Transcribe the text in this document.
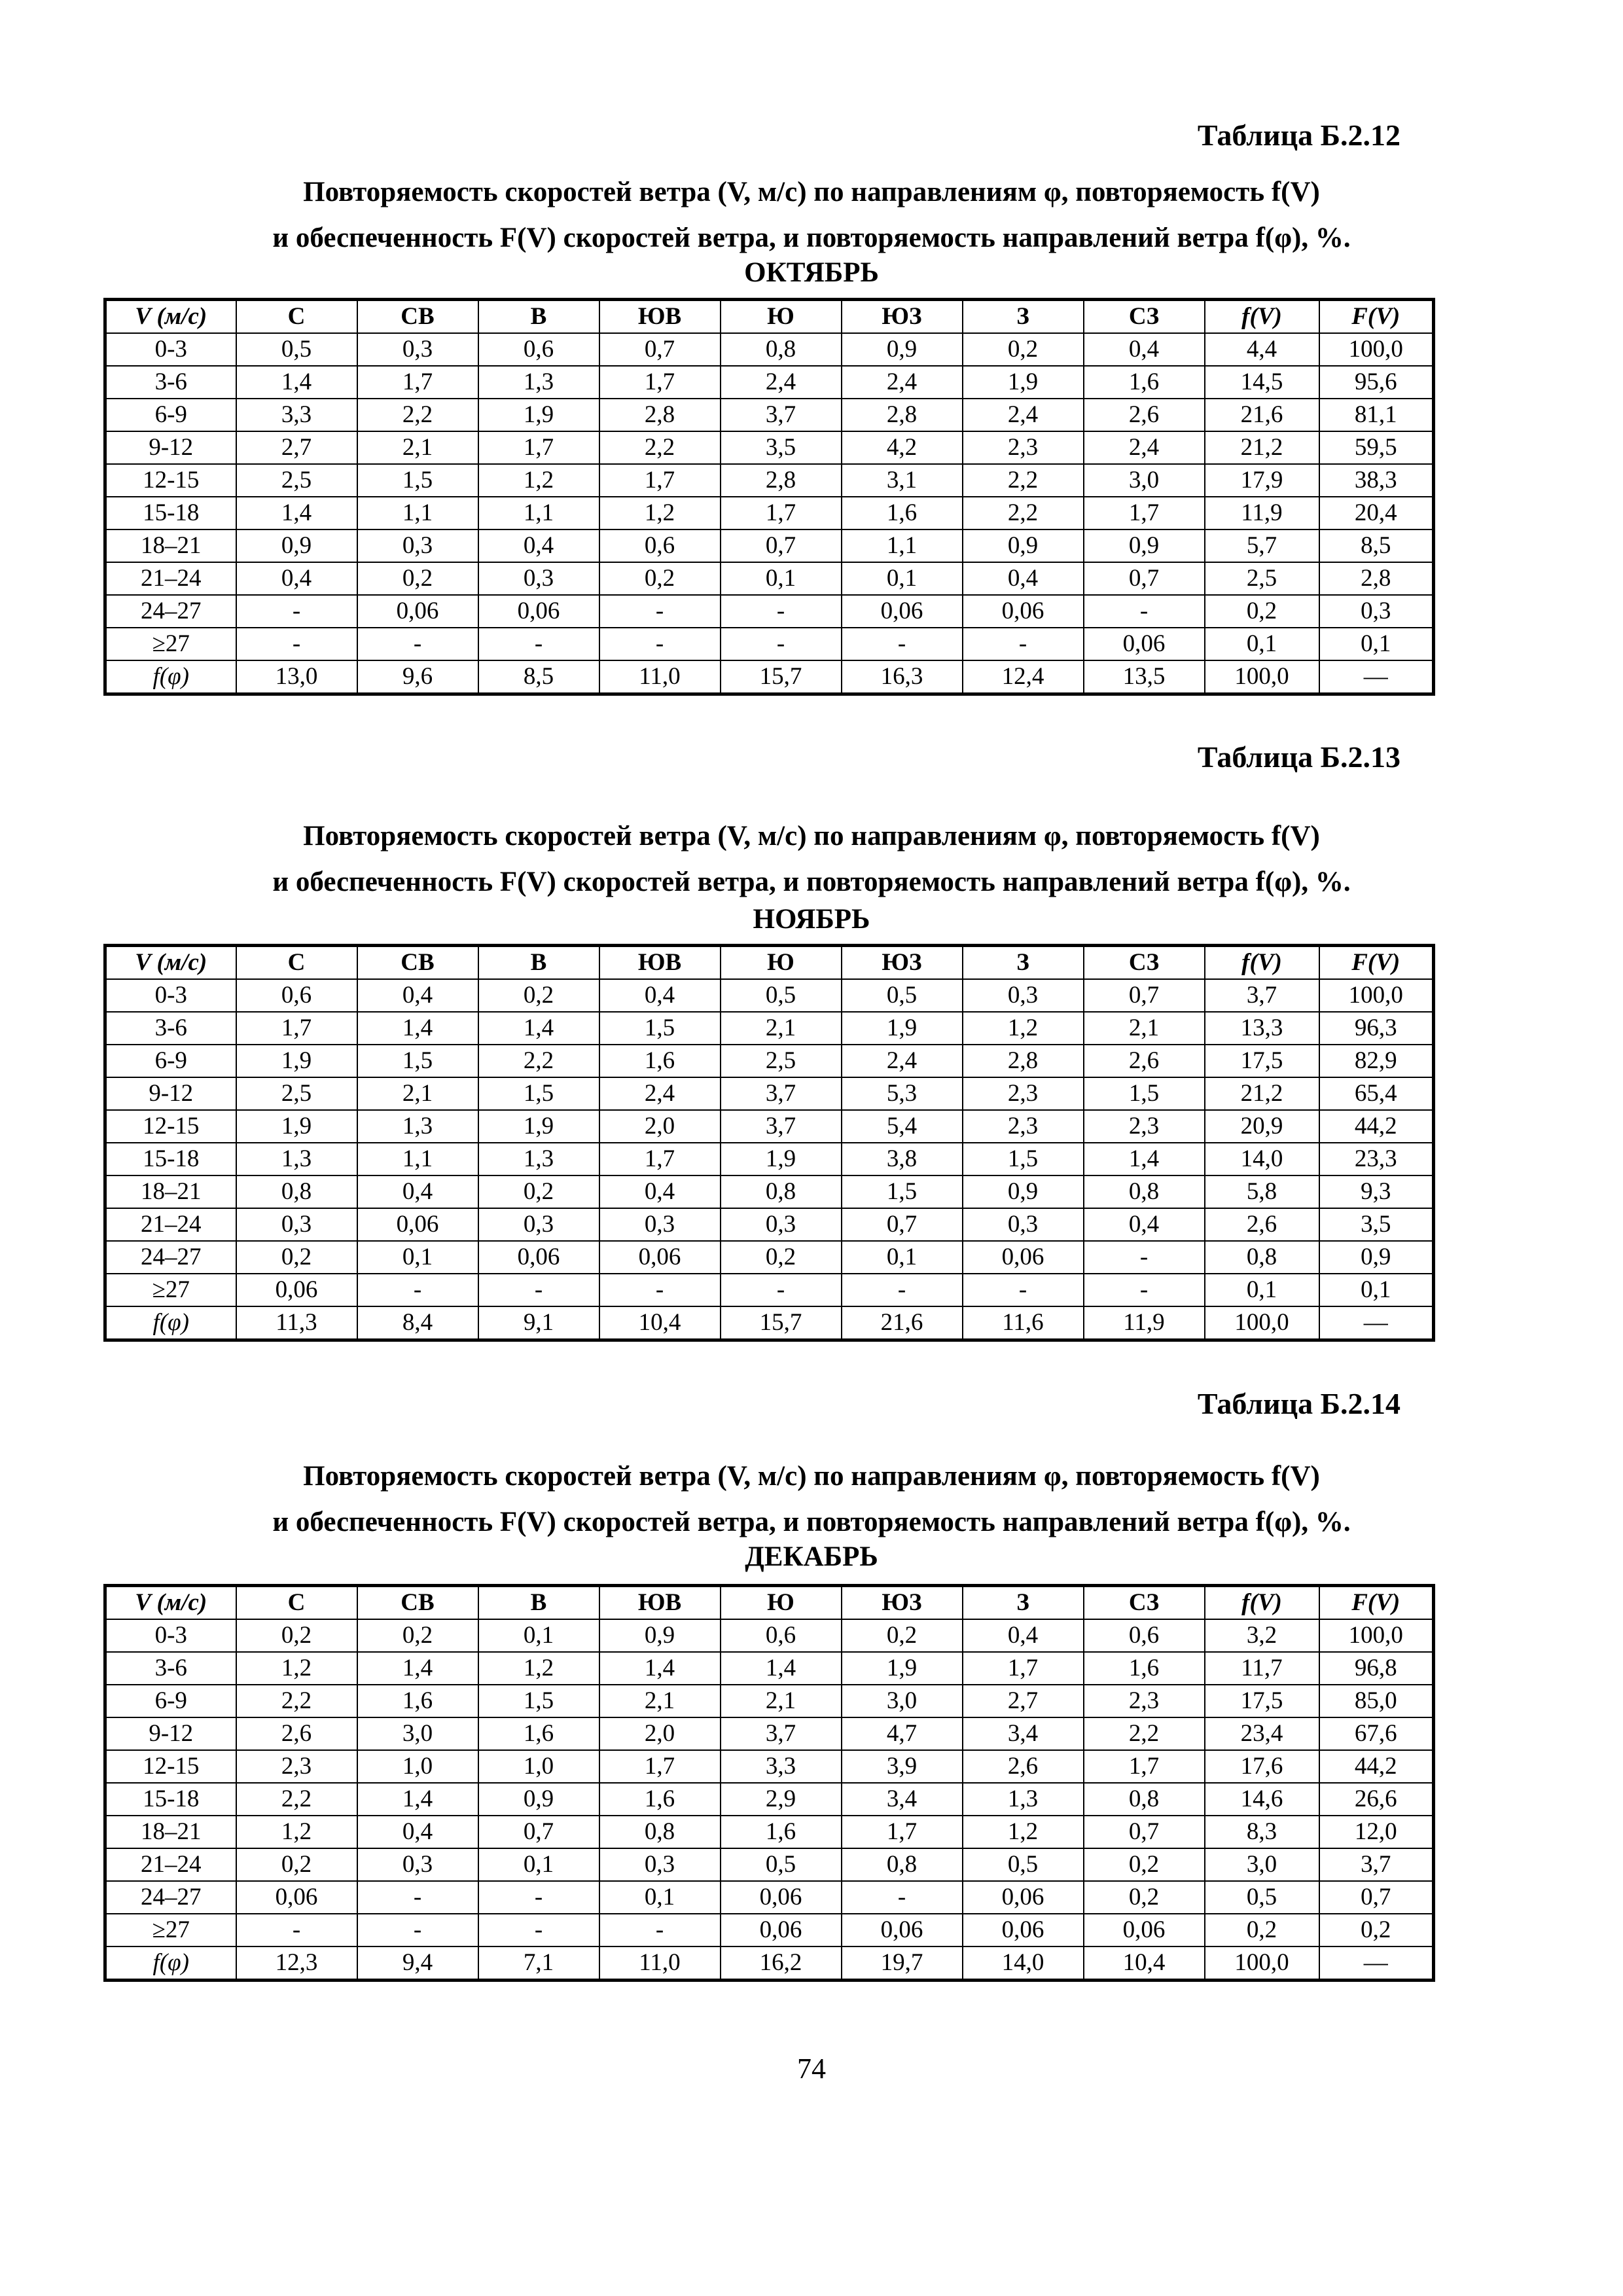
Таблица Б.2.12
Повторяемость скоростей ветра (V, м/с) по направлениям φ, повторяемость f(V)
и обеспеченность F(V) скоростей ветра, и повторяемость направлений ветра f(φ), %.
ОКТЯБРЬ
V (м/с)	С	СВ	В	ЮВ	Ю	ЮЗ	З	СЗ	f(V)	F(V)
0-3	0,5	0,3	0,6	0,7	0,8	0,9	0,2	0,4	4,4	100,0
3-6	1,4	1,7	1,3	1,7	2,4	2,4	1,9	1,6	14,5	95,6
6-9	3,3	2,2	1,9	2,8	3,7	2,8	2,4	2,6	21,6	81,1
9-12	2,7	2,1	1,7	2,2	3,5	4,2	2,3	2,4	21,2	59,5
12-15	2,5	1,5	1,2	1,7	2,8	3,1	2,2	3,0	17,9	38,3
15-18	1,4	1,1	1,1	1,2	1,7	1,6	2,2	1,7	11,9	20,4
18–21	0,9	0,3	0,4	0,6	0,7	1,1	0,9	0,9	5,7	8,5
21–24	0,4	0,2	0,3	0,2	0,1	0,1	0,4	0,7	2,5	2,8
24–27	-	0,06	0,06	-	-	0,06	0,06	-	0,2	0,3
≥27	-	-	-	-	-	-	-	0,06	0,1	0,1
f(φ)	13,0	9,6	8,5	11,0	15,7	16,3	12,4	13,5	100,0	—
Таблица Б.2.13
Повторяемость скоростей ветра (V, м/с) по направлениям φ, повторяемость f(V)
и обеспеченность F(V) скоростей ветра, и повторяемость направлений ветра f(φ), %.
НОЯБРЬ
V (м/с)	С	СВ	В	ЮВ	Ю	ЮЗ	З	СЗ	f(V)	F(V)
0-3	0,6	0,4	0,2	0,4	0,5	0,5	0,3	0,7	3,7	100,0
3-6	1,7	1,4	1,4	1,5	2,1	1,9	1,2	2,1	13,3	96,3
6-9	1,9	1,5	2,2	1,6	2,5	2,4	2,8	2,6	17,5	82,9
9-12	2,5	2,1	1,5	2,4	3,7	5,3	2,3	1,5	21,2	65,4
12-15	1,9	1,3	1,9	2,0	3,7	5,4	2,3	2,3	20,9	44,2
15-18	1,3	1,1	1,3	1,7	1,9	3,8	1,5	1,4	14,0	23,3
18–21	0,8	0,4	0,2	0,4	0,8	1,5	0,9	0,8	5,8	9,3
21–24	0,3	0,06	0,3	0,3	0,3	0,7	0,3	0,4	2,6	3,5
24–27	0,2	0,1	0,06	0,06	0,2	0,1	0,06	-	0,8	0,9
≥27	0,06	-	-	-	-	-	-	-	0,1	0,1
f(φ)	11,3	8,4	9,1	10,4	15,7	21,6	11,6	11,9	100,0	—
Таблица Б.2.14
Повторяемость скоростей ветра (V, м/с) по направлениям φ, повторяемость f(V)
и обеспеченность F(V) скоростей ветра, и повторяемость направлений ветра f(φ), %.
ДЕКАБРЬ
V (м/с)	С	СВ	В	ЮВ	Ю	ЮЗ	З	СЗ	f(V)	F(V)
0-3	0,2	0,2	0,1	0,9	0,6	0,2	0,4	0,6	3,2	100,0
3-6	1,2	1,4	1,2	1,4	1,4	1,9	1,7	1,6	11,7	96,8
6-9	2,2	1,6	1,5	2,1	2,1	3,0	2,7	2,3	17,5	85,0
9-12	2,6	3,0	1,6	2,0	3,7	4,7	3,4	2,2	23,4	67,6
12-15	2,3	1,0	1,0	1,7	3,3	3,9	2,6	1,7	17,6	44,2
15-18	2,2	1,4	0,9	1,6	2,9	3,4	1,3	0,8	14,6	26,6
18–21	1,2	0,4	0,7	0,8	1,6	1,7	1,2	0,7	8,3	12,0
21–24	0,2	0,3	0,1	0,3	0,5	0,8	0,5	0,2	3,0	3,7
24–27	0,06	-	-	0,1	0,06	-	0,06	0,2	0,5	0,7
≥27	-	-	-	-	0,06	0,06	0,06	0,06	0,2	0,2
f(φ)	12,3	9,4	7,1	11,0	16,2	19,7	14,0	10,4	100,0	—
74
